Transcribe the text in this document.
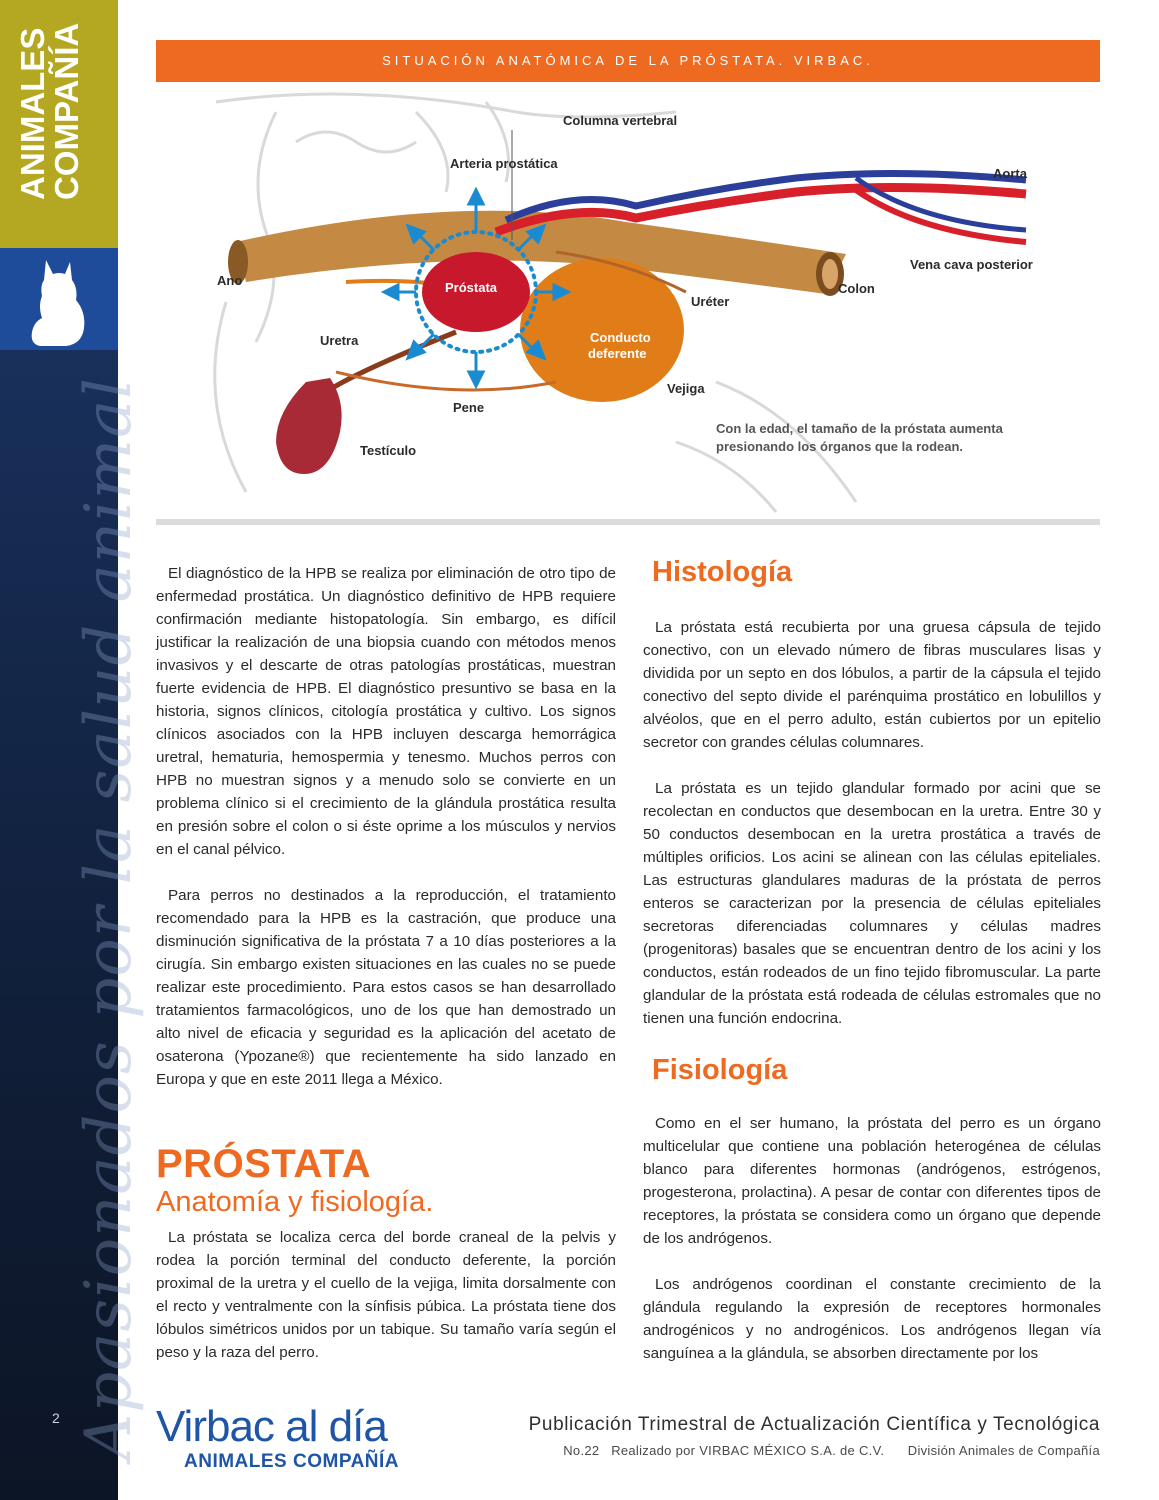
ANIMALES
COMPAÑÍA
Apasionados por la salud animal
2
SITUACIÓN ANATÓMICA DE LA PRÓSTATA. VIRBAC.
Columna vertebral
Arteria prostática
Aorta
Vena cava posterior
Ano	Próstata
Uréter
Colon
Uretra	Conducto
deferente
Vejiga
Pene
Testículo
Con la edad, el tamaño de la próstata aumenta presionando los órganos que la rodean.

El diagnóstico de la HPB se realiza por eliminación de otro tipo de enfermedad prostática. Un diagnóstico definitivo de HPB requiere confirmación mediante histopatología. Sin embargo, es difícil justificar la realización de una biopsia cuando con métodos menos invasivos y el descarte de otras patologías prostáticas, muestran fuerte evidencia de HPB. El diagnóstico presuntivo se basa en la historia, signos clínicos, citología prostática y cultivo. Los signos clínicos asociados con la HPB incluyen descarga hemorrágica uretral, hematuria, hemospermia y tenesmo. Muchos perros con HPB no muestran signos y a menudo solo se convierte en un problema clínico si el crecimiento de la glándula prostática resulta en presión sobre el colon o si éste oprime a los músculos y nervios en el canal pélvico.

Para perros no destinados a la reproducción, el tratamiento recomendado para la HPB es la castración, que produce una disminución significativa de la próstata 7 a 10 días posteriores a la cirugía. Sin embargo existen situaciones en las cuales no se puede realizar este procedimiento. Para estos casos se han desarrollado tratamientos farmacológicos, uno de los que han demostrado un alto nivel de eficacia y seguridad es la aplicación del acetato de osaterona (Ypozane®) que recientemente ha sido lanzado en Europa y que en este 2011 llega a México.

PRÓSTATA
Anatomía y fisiología.

La próstata se localiza cerca del borde craneal de la pelvis y rodea la porción terminal del conducto deferente, la porción proximal de la uretra y el cuello de la vejiga, limita dorsalmente con el recto y ventralmente con la sínfisis púbica. La próstata tiene dos lóbulos simétricos unidos por un tabique. Su tamaño varía según el peso y la raza del perro.

Histología

La próstata está recubierta por una gruesa cápsula de tejido conectivo, con un elevado número de fibras musculares lisas y dividida por un septo en dos lóbulos, a partir de la cápsula el tejido conectivo del septo divide el parénquima prostático en lobulillos y alvéolos, que en el perro adulto, están cubiertos por un epitelio secretor con grandes células columnares.

La próstata es un tejido glandular formado por acini que se recolectan en conductos que desembocan en la uretra. Entre 30 y 50 conductos desembocan en la uretra prostática a través de múltiples orificios. Los acini se alinean con las células epiteliales. Las estructuras glandulares maduras de la próstata de perros enteros se caracterizan por la presencia de células epiteliales secretoras diferenciadas columnares y células madres (progenitoras) basales que se encuentran dentro de los acini y los conductos, están rodeados de un fino tejido fibromuscular. La parte glandular de la próstata está rodeada de células estromales que no tienen una función endocrina.

Fisiología

Como en el ser humano, la próstata del perro es un órgano multicelular que contiene una población heterogénea de células blanco para diferentes hormonas (andrógenos, estrógenos, progesterona, prolactina). A pesar de contar con diferentes tipos de receptores, la próstata se considera como un órgano que depende de los andrógenos.

Los andrógenos coordinan el constante crecimiento de la glándula regulando la expresión de receptores hormonales androgénicos y no androgénicos. Los andrógenos llegan vía sanguínea a la glándula, se absorben directamente por los

Virbac al día
ANIMALES COMPAÑÍA
Publicación Trimestral de Actualización Científica y Tecnológica
No.22 Realizado por VIRBAC MÉXICO S.A. de C.V. División Animales de Compañía
